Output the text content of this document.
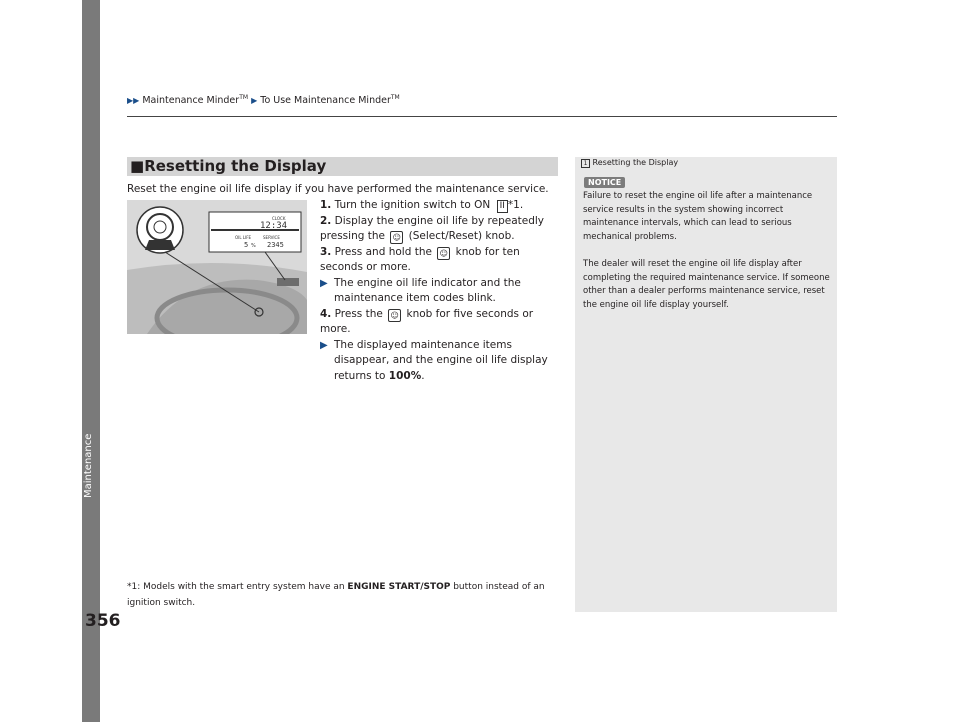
Maintenance
356
▶▶ Maintenance Minder™ ▶ To Use Maintenance Minder™
■Resetting the Display
Reset the engine oil life display if you have performed the maintenance service.
CLOCK
12:34
OIL LIFE
5 %
SERVICE
2345
1. Turn the ignition switch to ON II *1.
2. Display the engine oil life by repeatedly pressing the ☺ (Select/Reset) knob.
3. Press and hold the ☺ knob for ten seconds or more.
▶ The engine oil life indicator and the maintenance item codes blink.
4. Press the ☺ knob for five seconds or more.
▶ The displayed maintenance items disappear, and the engine oil life display returns to 100%.
1 Resetting the Display
NOTICE
Failure to reset the engine oil life after a maintenance service results in the system showing incorrect maintenance intervals, which can lead to serious mechanical problems.
The dealer will reset the engine oil life display after completing the required maintenance service. If someone other than a dealer performs maintenance service, reset the engine oil life display yourself.
*1: Models with the smart entry system have an ENGINE START/STOP button instead of an ignition switch.
